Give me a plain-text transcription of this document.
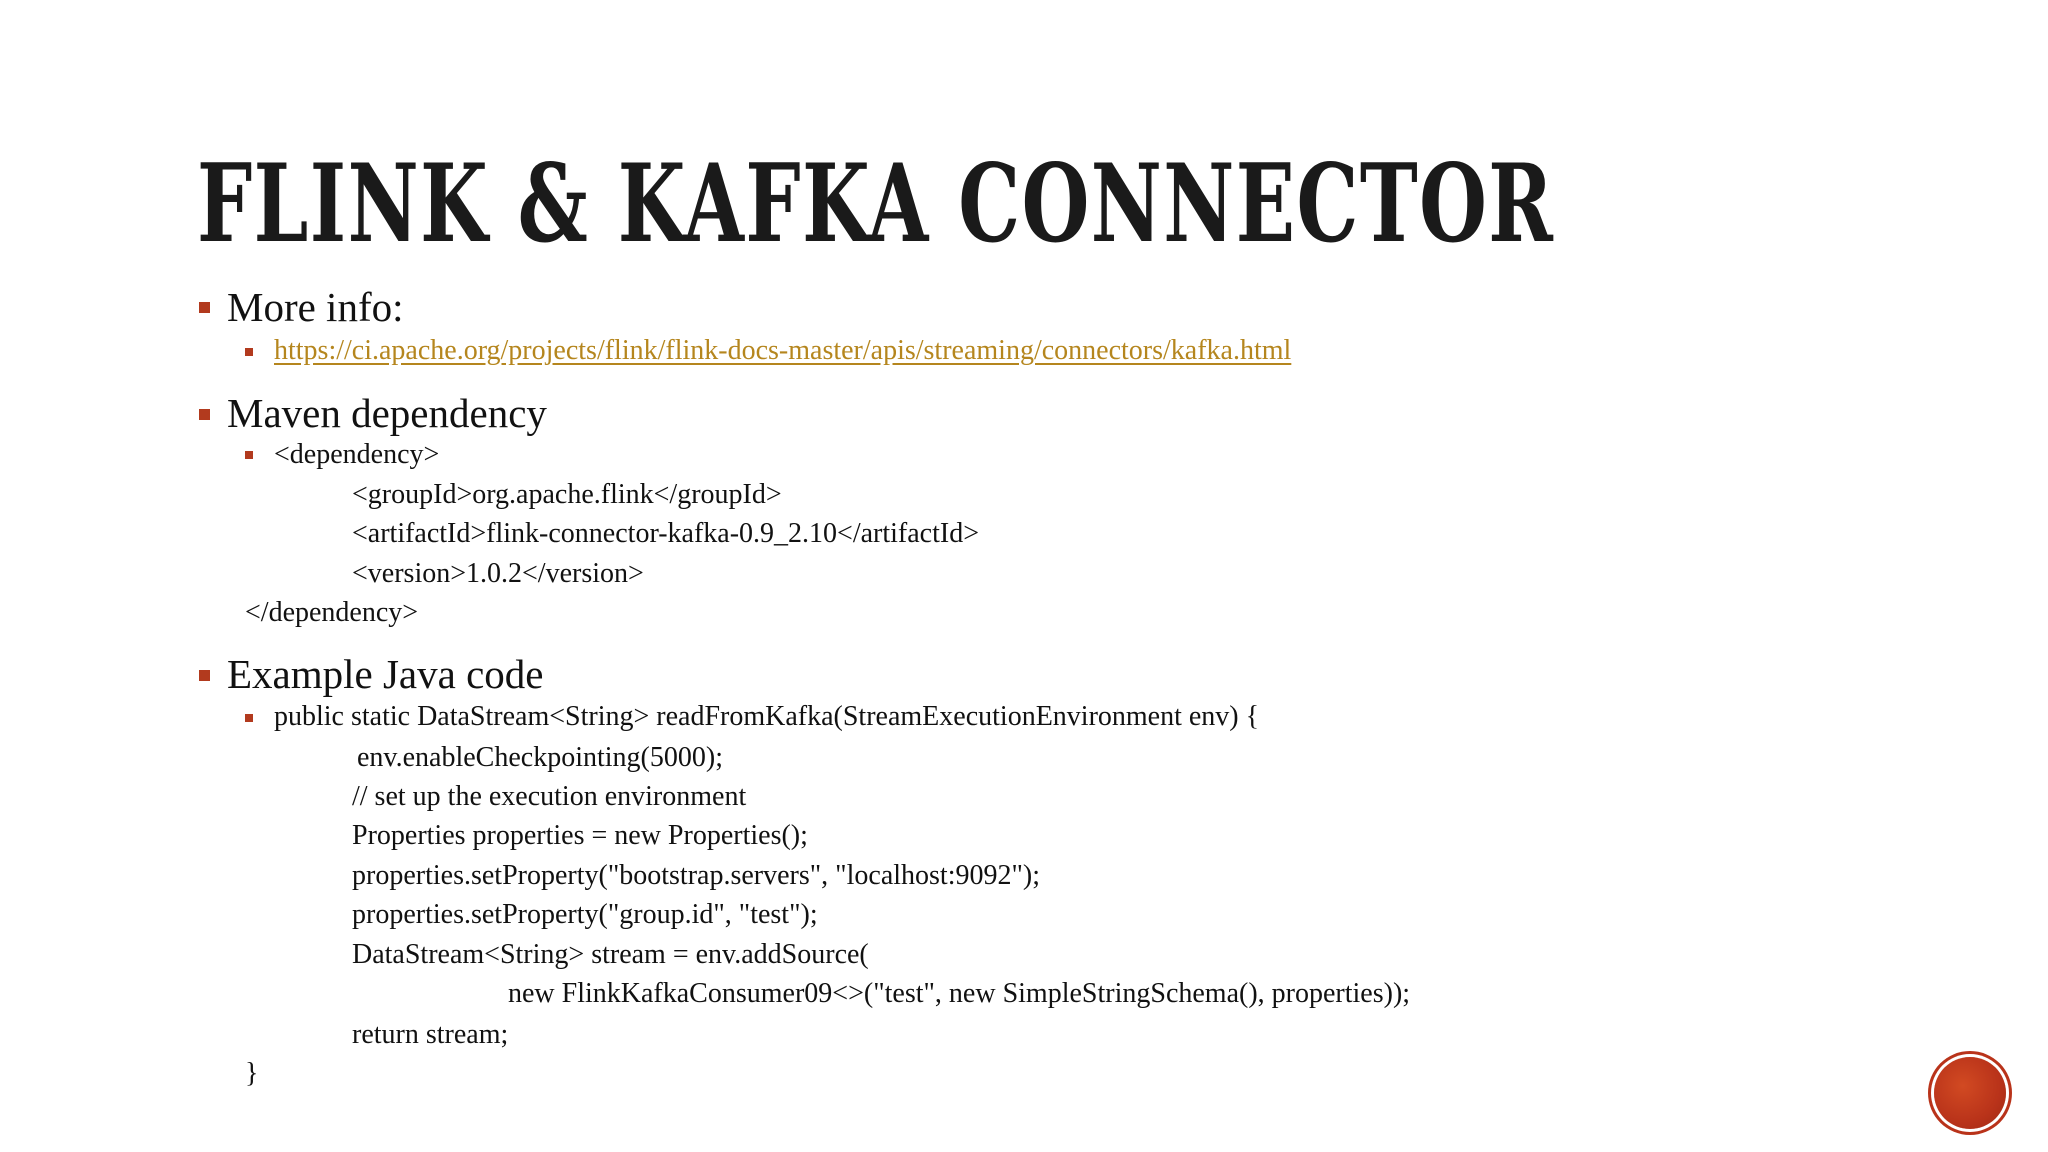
FLINK & KAFKA CONNECTOR
More info:
https://ci.apache.org/projects/flink/flink-docs-master/apis/streaming/connectors/kafka.html
Maven dependency
<dependency>
<groupId>org.apache.flink</groupId>
<artifactId>flink-connector-kafka-0.9_2.10</artifactId>
<version>1.0.2</version>
</dependency>
Example Java code
public static DataStream<String> readFromKafka(StreamExecutionEnvironment env) {
env.enableCheckpointing(5000);
// set up the execution environment
Properties properties = new Properties();
properties.setProperty("bootstrap.servers", "localhost:9092");
properties.setProperty("group.id", "test");
DataStream<String> stream = env.addSource(
new FlinkKafkaConsumer09<>("test", new SimpleStringSchema(), properties));
return stream;
}
